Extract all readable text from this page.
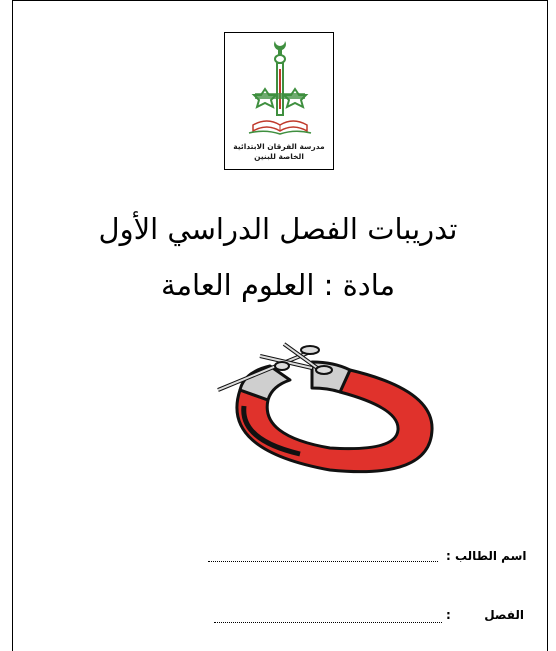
مدرسة الفرقان الابتدائية
الخاصة للبنين
تدريبات الفصل الدراسي الأول
مادة : العلوم العامة
اسم الطالب :
الفصل        :
